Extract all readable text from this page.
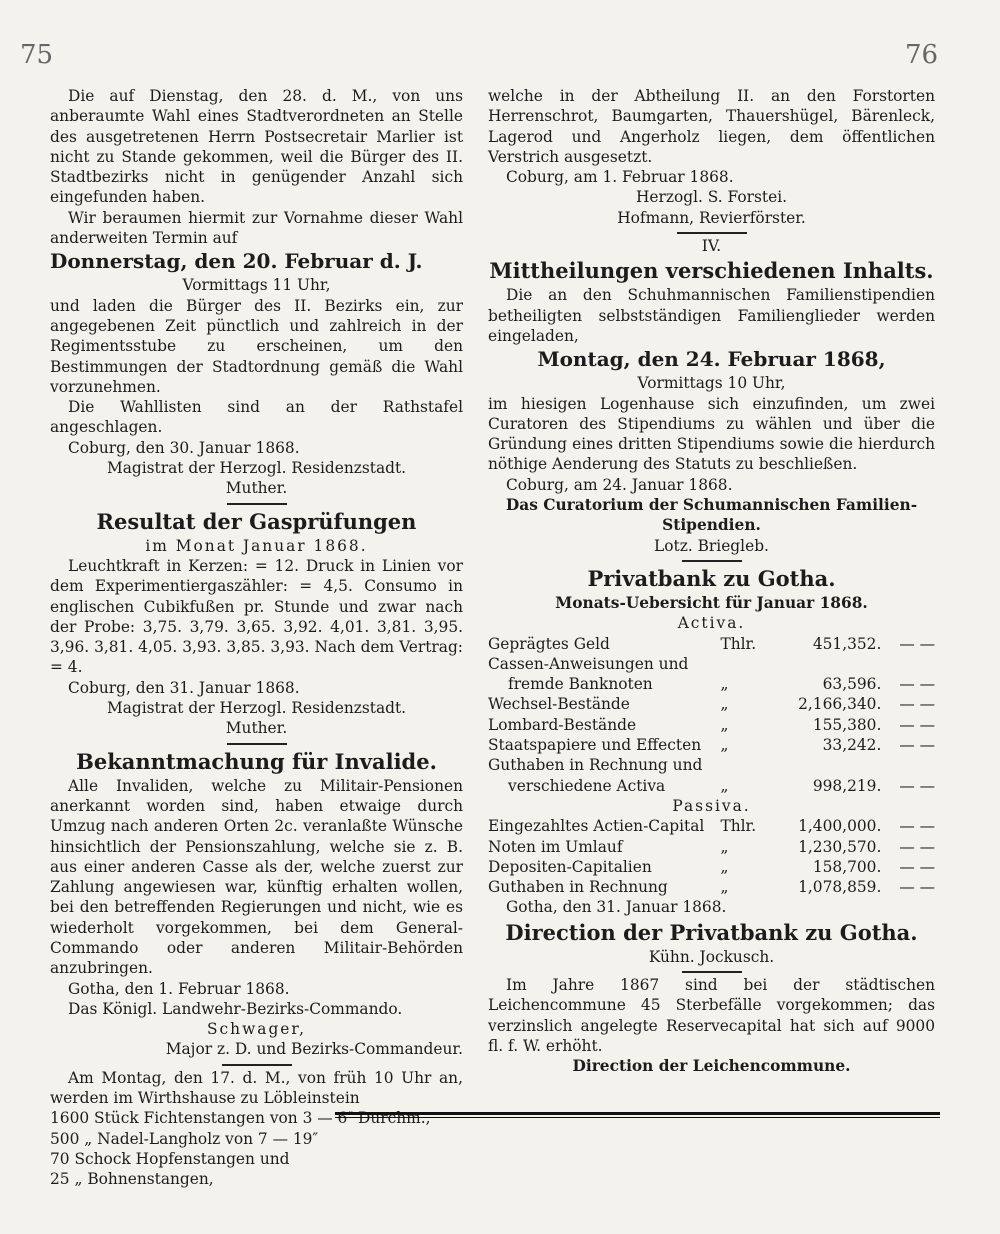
75	76

Die auf Dienstag, den 28. d. M., von uns anberaumte Wahl eines Stadtverordneten an Stelle des ausgetretenen Herrn Postsecretair Marlier ist nicht zu Stande gekommen, weil die Bürger des II. Stadtbezirks nicht in genügender Anzahl sich eingefunden haben.

Wir beraumen hiermit zur Vornahme dieser Wahl anderweiten Termin auf

Donnerstag, den 20. Februar d. J.

Vormittags 11 Uhr,

und laden die Bürger des II. Bezirks ein, zur angegebenen Zeit pünctlich und zahlreich in der Regimentsstube zu erscheinen, um den Bestimmungen der Stadtordnung gemäß die Wahl vorzunehmen.

Die Wahllisten sind an der Rathstafel angeschlagen.

Coburg, den 30. Januar 1868.

Magistrat der Herzogl. Residenzstadt.

Muther.

Resultat der Gasprüfungen

im Monat Januar 1868.

Leuchtkraft in Kerzen: = 12. Druck in Linien vor dem Experimentiergaszähler: = 4,5. Consumo in englischen Cubikfußen pr. Stunde und zwar nach der Probe: 3,75. 3,79. 3,65. 3,92. 4,01. 3,81. 3,95. 3,96. 3,81. 4,05. 3,93. 3,85. 3,93. Nach dem Vertrag: = 4.

Coburg, den 31. Januar 1868.

Magistrat der Herzogl. Residenzstadt.

Muther.

Bekanntmachung für Invalide.

Alle Invaliden, welche zu Militair-Pensionen anerkannt worden sind, haben etwaige durch Umzug nach anderen Orten 2c. veranlaßte Wünsche hinsichtlich der Pensionszahlung, welche sie z. B. aus einer anderen Casse als der, welche zuerst zur Zahlung angewiesen war, künftig erhalten wollen, bei den betreffenden Regierungen und nicht, wie es wiederholt vorgekommen, bei dem General-Commando oder anderen Militair-Behörden anzubringen.

Gotha, den 1. Februar 1868.

Das Königl. Landwehr-Bezirks-Commando.

Schwager,

Major z. D. und Bezirks-Commandeur.

Am Montag, den 17. d. M., von früh 10 Uhr an, werden im Wirthshause zu Löbleinstein

1600 Stück Fichtenstangen von 3 — 6″ Durchm.,

500 „ Nadel-Langholz von 7 — 19″

70 Schock Hopfenstangen und

25 „ Bohnenstangen,

welche in der Abtheilung II. an den Forstorten Herrenschrot, Baumgarten, Thauershügel, Bärenleck, Lagerod und Angerholz liegen, dem öffentlichen Verstrich ausgesetzt.

Coburg, am 1. Februar 1868.

Herzogl. S. Forstei.

Hofmann, Revierförster.

IV.

Mittheilungen verschiedenen Inhalts.

Die an den Schuhmannischen Familienstipendien betheiligten selbstständigen Familienglieder werden eingeladen,

Montag, den 24. Februar 1868,

Vormittags 10 Uhr,

im hiesigen Logenhause sich einzufinden, um zwei Curatoren des Stipendiums zu wählen und über die Gründung eines dritten Stipendiums sowie die hierdurch nöthige Aenderung des Statuts zu beschließen.

Coburg, am 24. Januar 1868.

Das Curatorium der Schumannischen Familien-Stipendien.

Lotz. Briegleb.

Privatbank zu Gotha.

Monats-Uebersicht für Januar 1868.

Activa.

Geprägtes Geld	Thlr.	451,352.	— —
Cassen-Anweisungen und			
fremde Banknoten	„	63,596.	— —
Wechsel-Bestände	„	2,166,340.	— —
Lombard-Bestände	„	155,380.	— —
Staatspapiere und Effecten	„	33,242.	— —
Guthaben in Rechnung und			
verschiedene Activa	„	998,219.	— —

Passiva.

Eingezahltes Actien-Capital	Thlr.	1,400,000.	— —
Noten im Umlauf	„	1,230,570.	— —
Depositen-Capitalien	„	158,700.	— —
Guthaben in Rechnung	„	1,078,859.	— —

Gotha, den 31. Januar 1868.

Direction der Privatbank zu Gotha.

Kühn. Jockusch.

Im Jahre 1867 sind bei der städtischen Leichencommune 45 Sterbefälle vorgekommen; das verzinslich angelegte Reservecapital hat sich auf 9000 fl. f. W. erhöht.

Direction der Leichencommune.
